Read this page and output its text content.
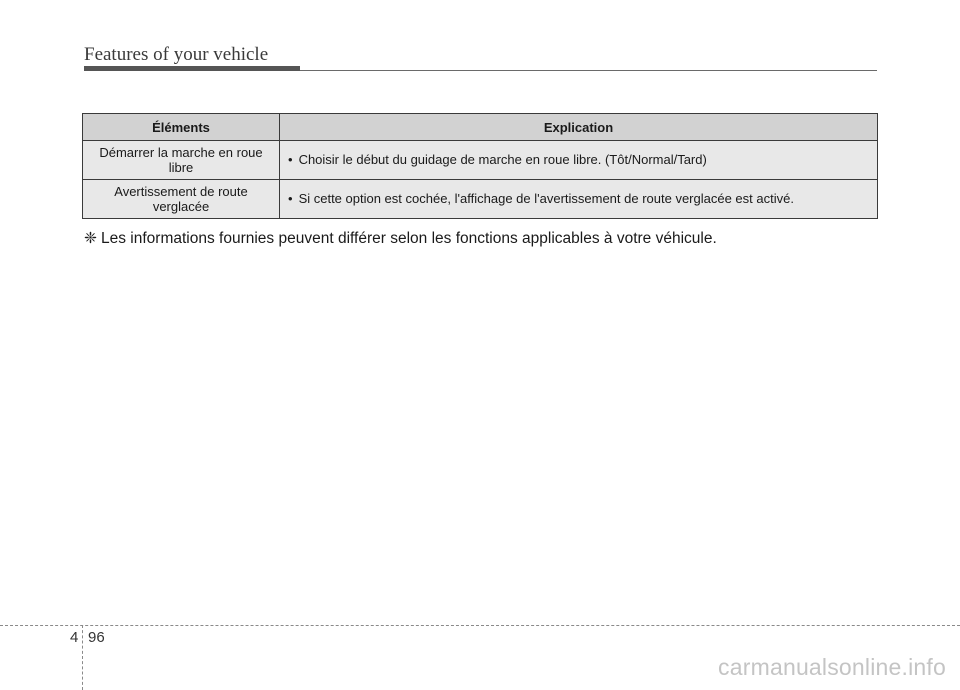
Features of your vehicle
Éléments	Explication
Démarrer la marche en roue libre	• Choisir le début du guidage de marche en roue libre. (Tôt/Normal/Tard)
Avertissement de route verglacée	• Si cette option est cochée, l'affichage de l'avertissement de route verglacée est activé.
❈ Les informations fournies peuvent différer selon les fonctions applicables à votre véhicule.
4 96
carmanualsonline.info
